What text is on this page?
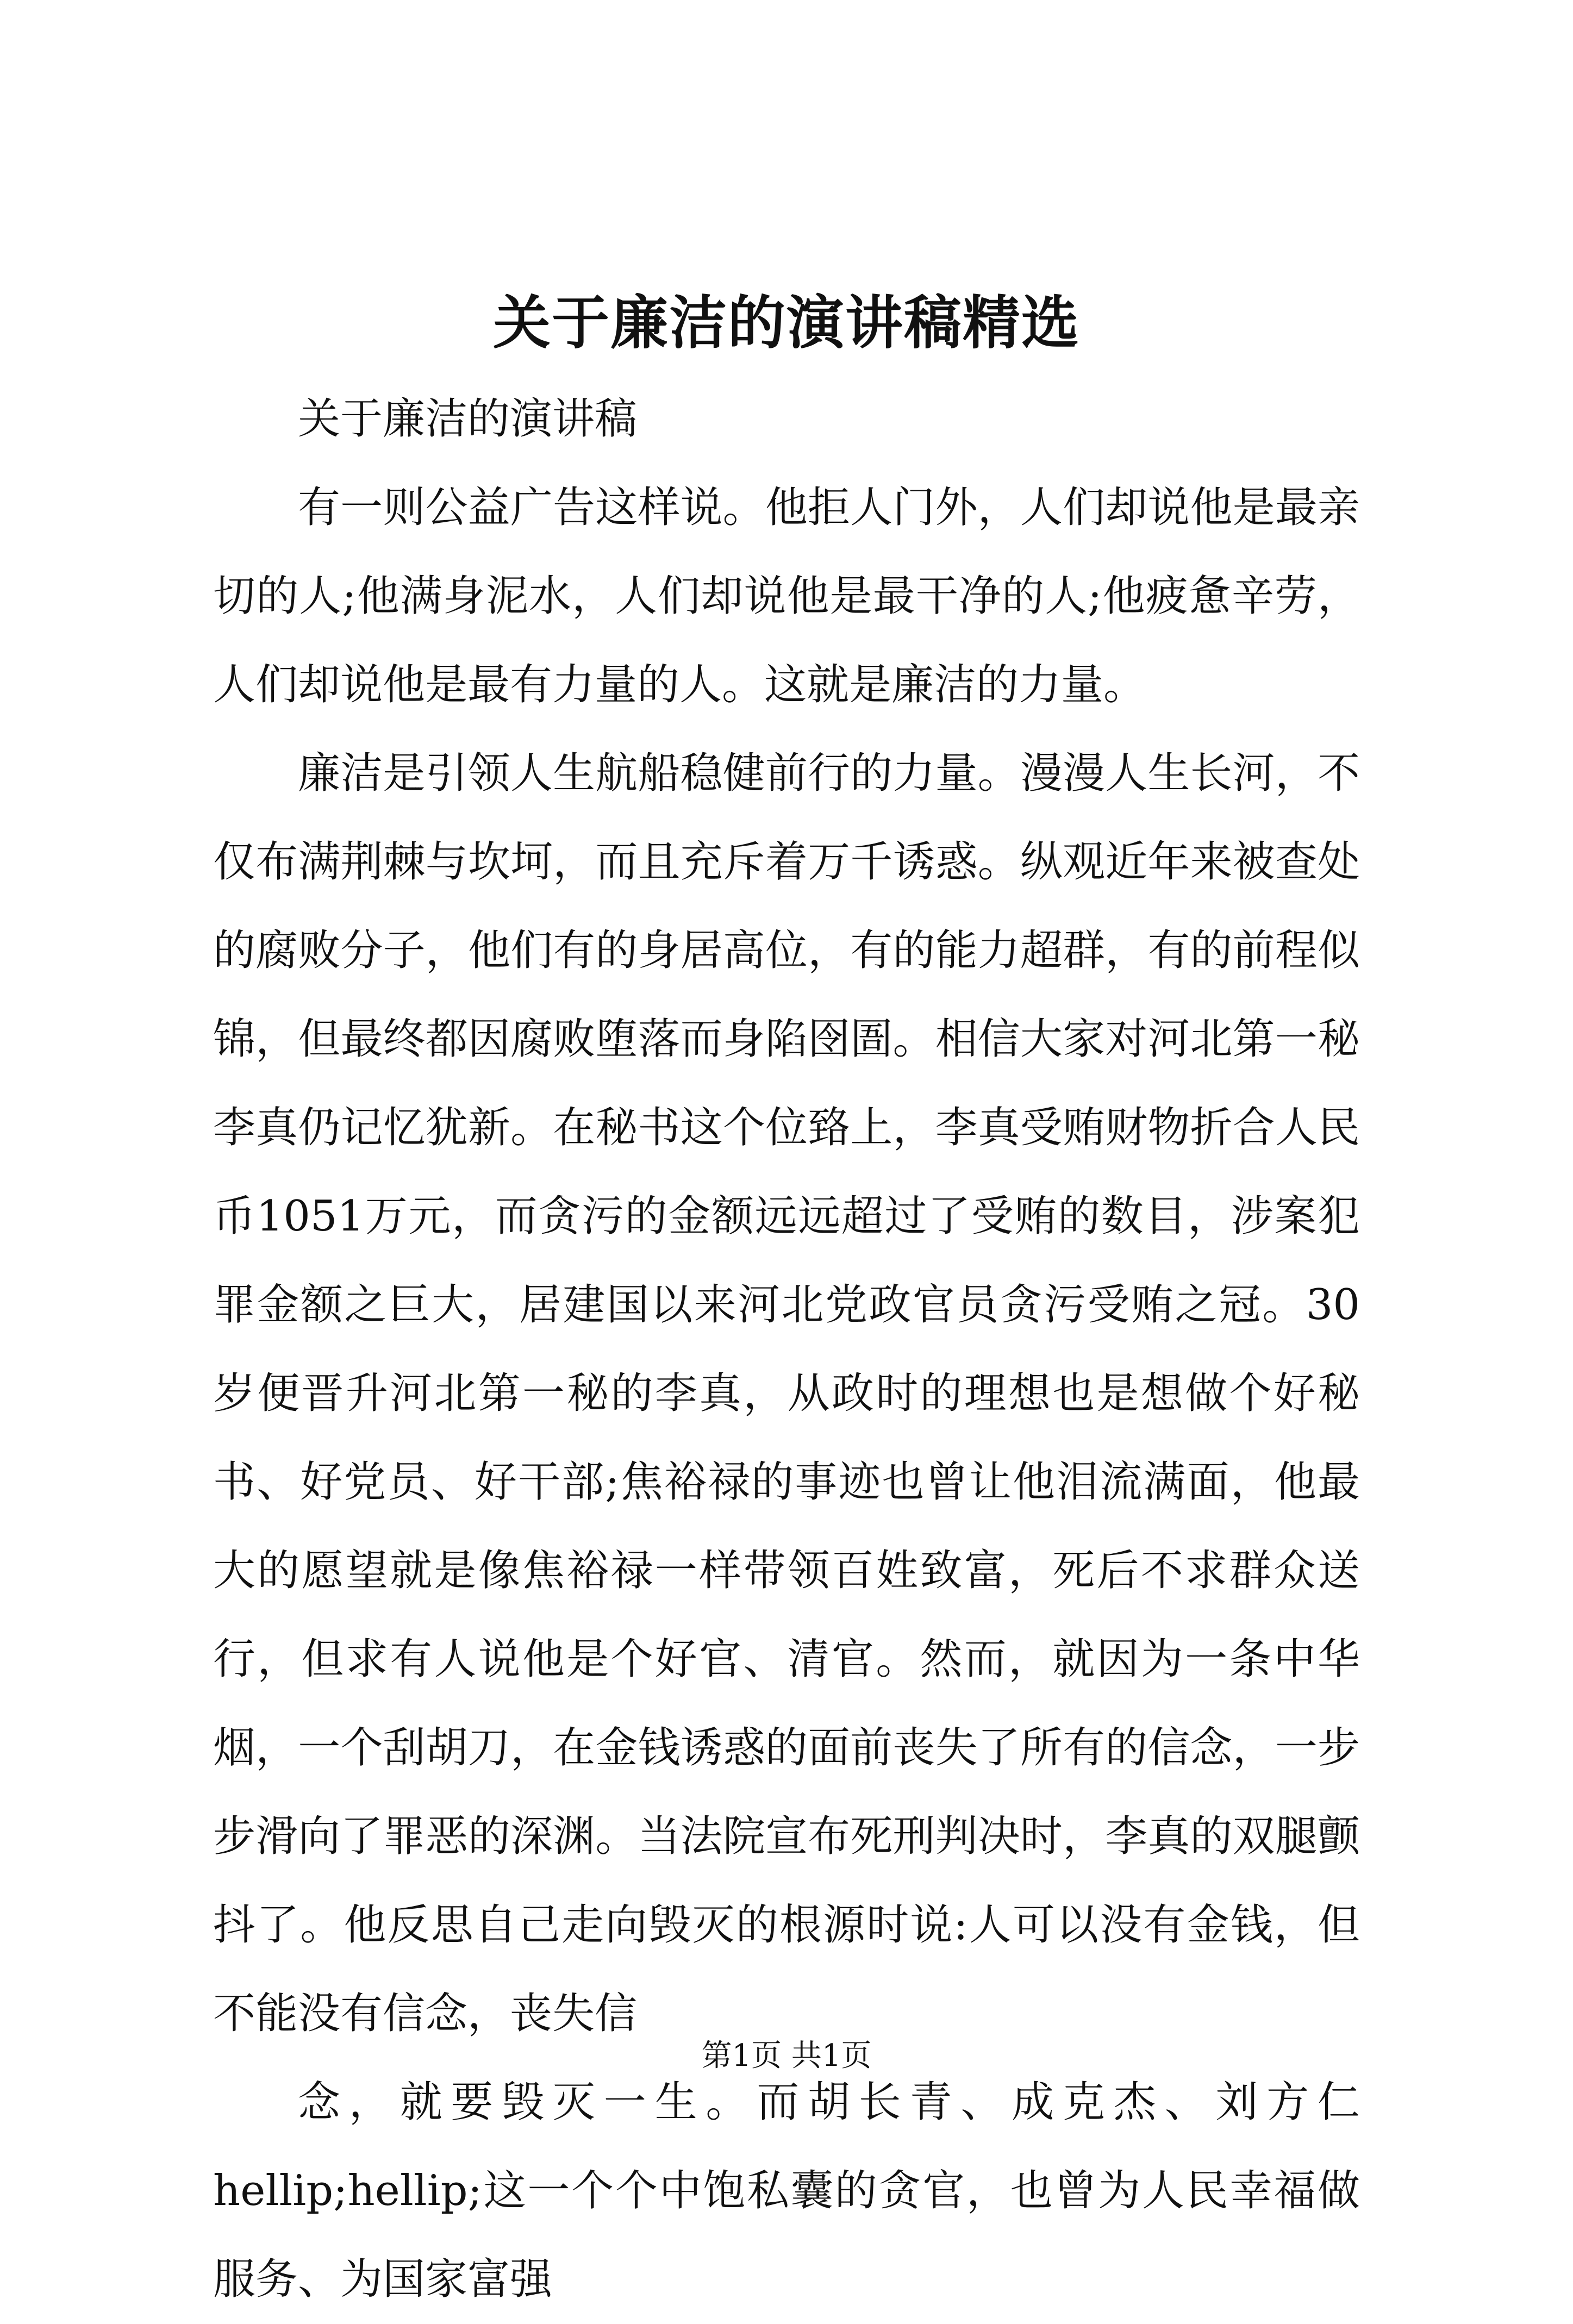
关于廉洁的演讲稿精选

关于廉洁的演讲稿

有一则公益广告这样说。他拒人门外，人们却说他是最亲切的人;他满身泥水，人们却说他是最干净的人;他疲惫辛劳，人们却说他是最有力量的人。这就是廉洁的力量。

廉洁是引领人生航船稳健前行的力量。漫漫人生长河，不仅布满荆棘与坎坷，而且充斥着万千诱惑。纵观近年来被查处的腐败分子，他们有的身居高位，有的能力超群，有的前程似锦，但最终都因腐败堕落而身陷囹圄。相信大家对河北第一秘李真仍记忆犹新。在秘书这个位臵上，李真受贿财物折合人民币1051万元，而贪污的金额远远超过了受贿的数目，涉案犯罪金额之巨大，居建国以来河北党政官员贪污受贿之冠。30岁便晋升河北第一秘的李真，从政时的理想也是想做个好秘书、好党员、好干部;焦裕禄的事迹也曾让他泪流满面，他最大的愿望就是像焦裕禄一样带领百姓致富，死后不求群众送行，但求有人说他是个好官、清官。然而，就因为一条中华烟，一个刮胡刀，在金钱诱惑的面前丧失了所有的信念，一步步滑向了罪恶的深渊。当法院宣布死刑判决时，李真的双腿颤抖了。他反思自己走向毁灭的根源时说:人可以没有金钱，但不能没有信念，丧失信

念，就要毁灭一生。而胡长青、成克杰、刘方仁hellip;hellip;这一个个中饱私囊的贪官，也曾为人民幸福做服务、为国家富强

第1页 共1页
